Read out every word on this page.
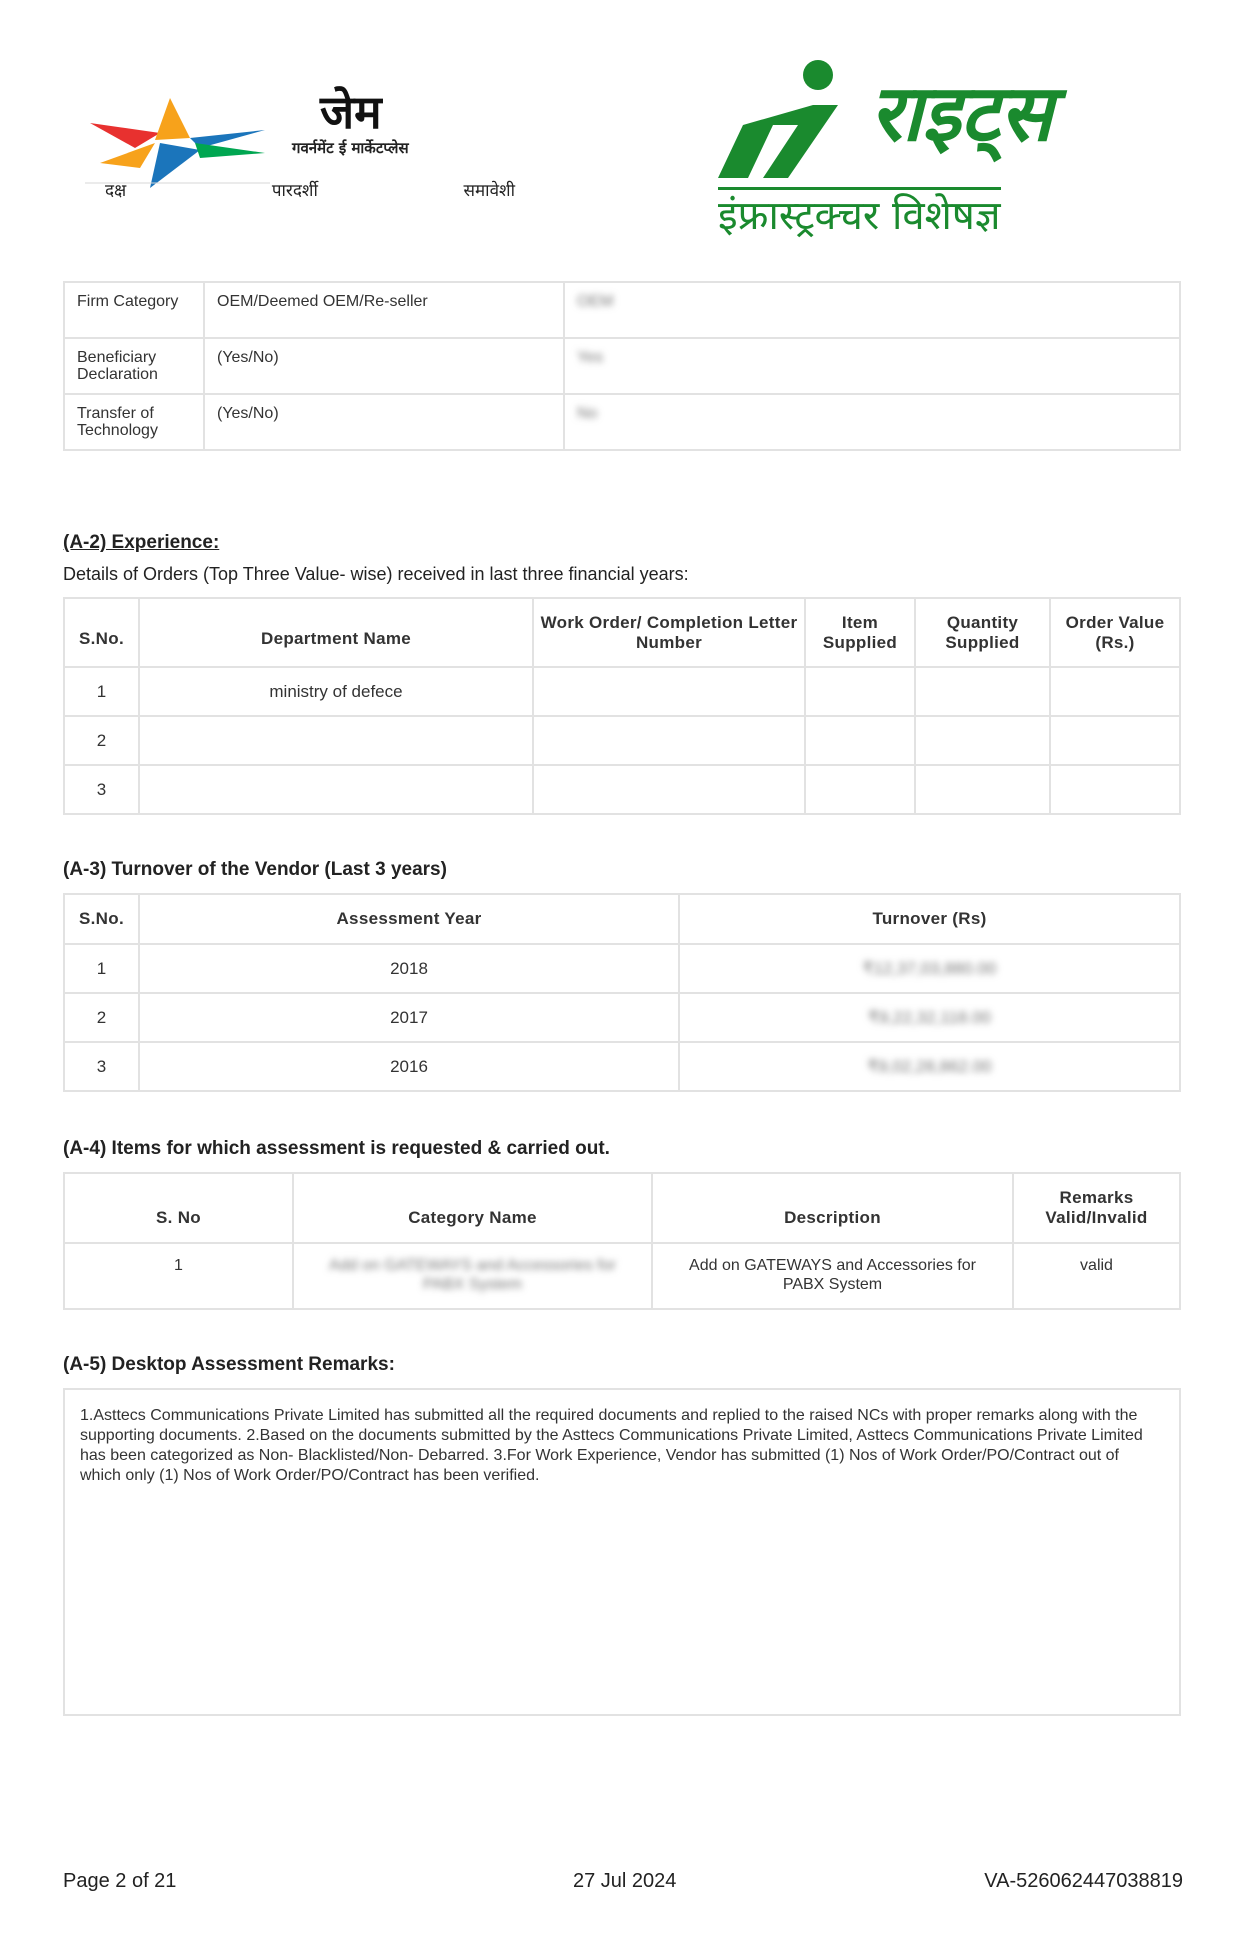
जेम
गवर्नमेंट ई मार्केटप्लेस
दक्ष	पारदर्शी	समावेशी
राइट्स
इंफ्रास्ट्रक्चर विशेषज्ञ
Firm Category	OEM/Deemed OEM/Re-seller	OEM
Beneficiary Declaration	(Yes/No)	Yes
Transfer of Technology	(Yes/No)	No
(A-2) Experience:
Details of Orders (Top Three Value- wise) received in last three financial years:
S.No.	Department Name	Work Order/ Completion Letter Number	Item Supplied	Quantity Supplied	Order Value (Rs.)
1	ministry of defece				
2					
3					
(A-3) Turnover of the Vendor (Last 3 years)
S.No.	Assessment Year	Turnover (Rs)
1	2018	₹12,37,03,880.00
2	2017	₹9,22,32,118.00
3	2016	₹9,02,28,862.00
(A-4) Items for which assessment is requested & carried out.
S. No	Category Name	Description	Remarks Valid/Invalid
1	Add on GATEWAYS and Accessories for PABX System	Add on GATEWAYS and Accessories for PABX System	valid
(A-5) Desktop Assessment Remarks:
1.Asttecs Communications Private Limited has submitted all the required documents and replied to the raised NCs with proper remarks along with the supporting documents. 2.Based on the documents submitted by the Asttecs Communications Private Limited, Asttecs Communications Private Limited has been categorized as Non- Blacklisted/Non- Debarred. 3.For Work Experience, Vendor has submitted (1) Nos of Work Order/PO/Contract out of which only (1) Nos of Work Order/PO/Contract has been verified.
Page 2 of 21	27 Jul 2024	VA-526062447038819
